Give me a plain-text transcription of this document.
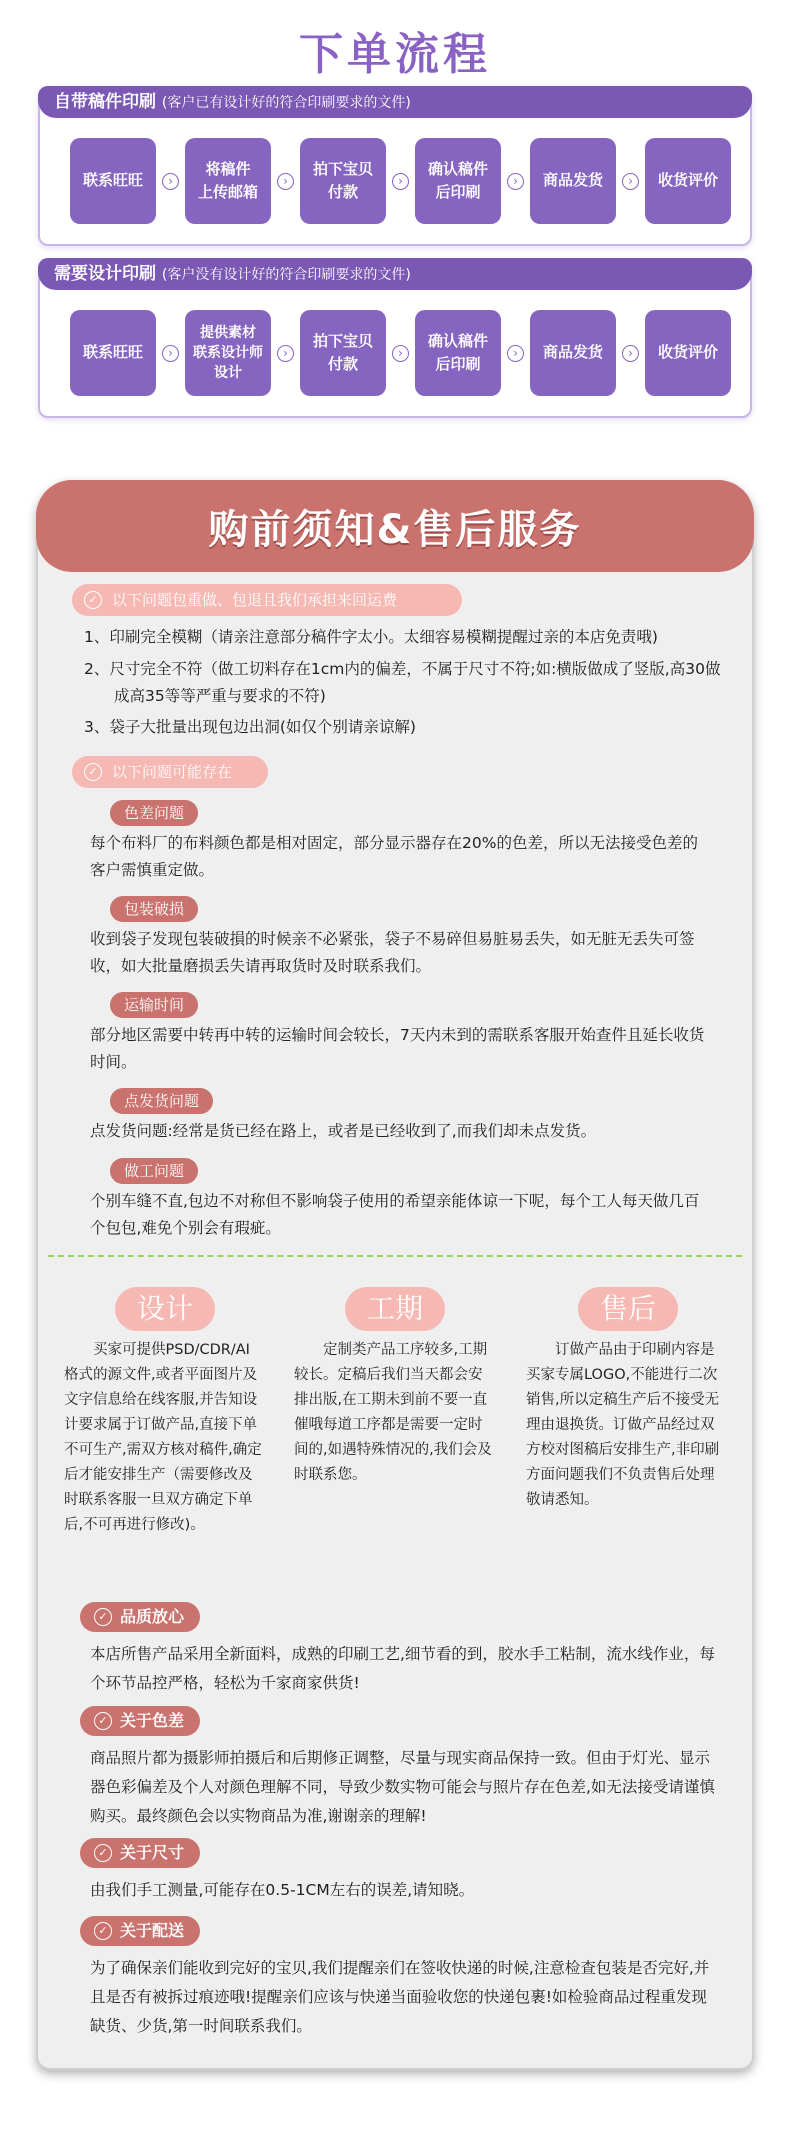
下单流程
自带稿件印刷 (客户已有设计好的符合印刷要求的文件)
联系旺旺	›
将稿件
上传邮箱
›
拍下宝贝
付款
›
确认稿件
后印刷
›	商品发货	›	收货评价
需要设计印刷 (客户没有设计好的符合印刷要求的文件)
联系旺旺	›
提供素材
联系设计师
设计
›
拍下宝贝
付款
›
确认稿件
后印刷
›	商品发货	›	收货评价
购前须知&售后服务
✓ 以下问题包重做、包退且我们承担来回运费
1、印刷完全模糊（请亲注意部分稿件字太小。太细容易模糊提醒过亲的本店免责哦)
2、尺寸完全不符（做工切料存在1cm内的偏差，不属于尺寸不符;如:横版做成了竖版,高30做成高35等等严重与要求的不符)
3、袋子大批量出现包边出洞(如仅个别请亲谅解)
✓ 以下问题可能存在
色差问题
每个布料厂的布料颜色都是相对固定，部分显示器存在20%的色差，所以无法接受色差的客户需慎重定做。
包装破损
收到袋子发现包装破損的时候亲不必紧张，袋子不易碎但易脏易丢失，如无脏无丢失可签收，如大批量磨损丢失请再取货时及时联系我们。
运输时间
部分地区需要中转再中转的运输时间会较长，7天内未到的需联系客服开始查件且延长收货时间。
点发货问题
点发货问题:经常是货已经在路上，或者是已经收到了,而我们却未点发货。
做工问题
个别车缝不直,包边不对称但不影响袋子使用的希望亲能体谅一下呢，每个工人每天做几百个包包,难免个别会有瑕疵。
设计
买家可提供PSD/CDR/AI格式的源文件,或者平面图片及文字信息给在线客服,并告知设计要求属于订做产品,直接下单不可生产,需双方核对稿件,确定后才能安排生产（需要修改及时联系客服一旦双方确定下单后,不可再进行修改)。
工期
定制类产品工序较多,工期较长。定稿后我们当天都会安排出版,在工期未到前不要一直催哦每道工序都是需要一定时间的,如遇特殊情况的,我们会及时联系您。
售后
订做产品由于印刷内容是买家专属LOGO,不能进行二次销售,所以定稿生产后不接受无理由退换货。订做产品经过双方校对图稿后安排生产,非印刷方面问题我们不负责售后处理敬请悉知。
✓ 品质放心
本店所售产品采用全新面料，成熟的印刷工艺,细节看的到，胶水手工粘制，流水线作业，每个环节品控严格，轻松为千家商家供货!
✓ 关于色差
商品照片都为摄影师拍摄后和后期修正调整，尽量与现实商品保持一致。但由于灯光、显示器色彩偏差及个人对颜色理解不同，导致少数实物可能会与照片存在色差,如无法接受请谨慎购买。最终颜色会以实物商品为准,谢谢亲的理解!
✓ 关于尺寸
由我们手工测量,可能存在0.5-1CM左右的误差,请知晓。
✓ 关于配送
为了确保亲们能收到完好的宝贝,我们提醒亲们在签收快递的时候,注意检查包装是否完好,并且是否有被拆过痕迹哦!提醒亲们应该与快递当面验收您的快递包裹!如检验商品过程重发现缺货、少货,第一时间联系我们。
